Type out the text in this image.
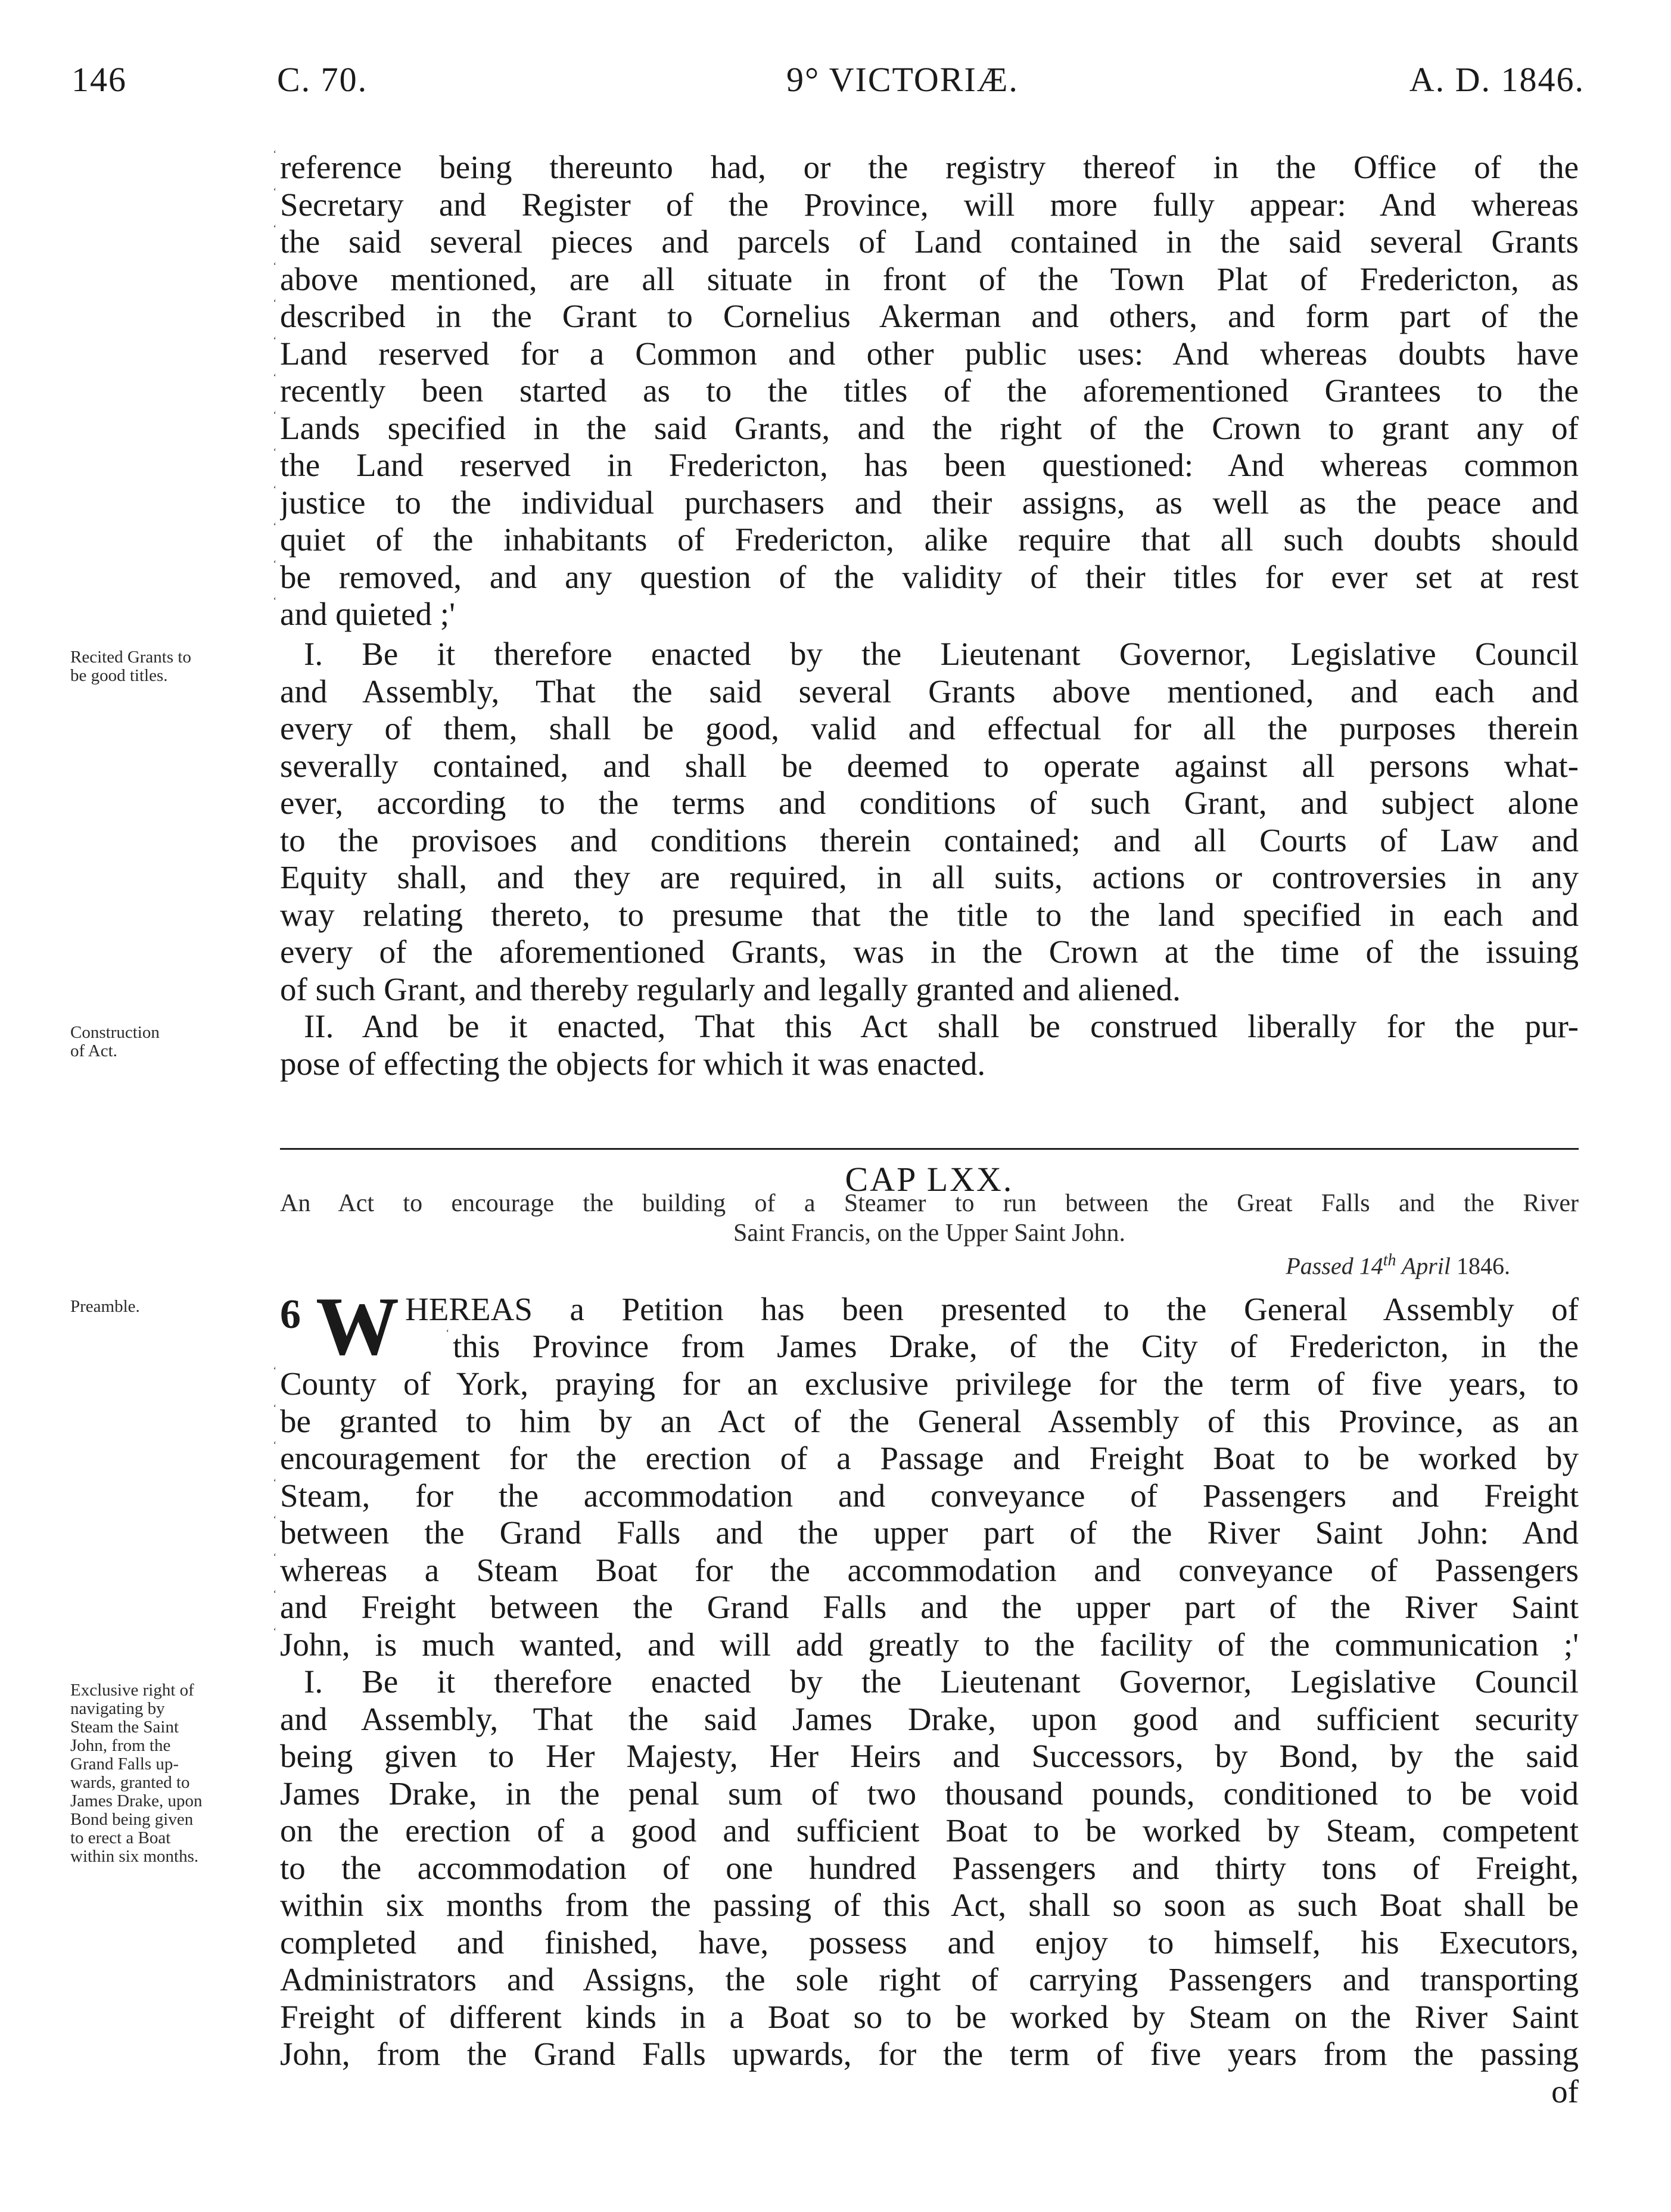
146	C. 70.	9° VICTORIÆ.	A. D. 1846.
‘ reference being thereunto had, or the registry thereof in the Office of the
‘ Secretary and Register of the Province, will more fully appear: And whereas
‘ the said several pieces and parcels of Land contained in the said several Grants
‘ above mentioned, are all situate in front of the Town Plat of Fredericton, as
‘ described in the Grant to Cornelius Akerman and others, and form part of the
‘ Land reserved for a Common and other public uses: And whereas doubts have
‘ recently been started as to the titles of the aforementioned Grantees to the
‘ Lands specified in the said Grants, and the right of the Crown to grant any of
‘ the Land reserved in Fredericton, has been questioned: And whereas common
‘ justice to the individual purchasers and their assigns, as well as the peace and
‘ quiet of the inhabitants of Fredericton, alike require that all such doubts should
‘ be removed, and any question of the validity of their titles for ever set at rest
‘ and quieted ;'
Recited Grants to
be good titles.
I. Be it therefore enacted by the Lieutenant Governor, Legislative Council
and Assembly, That the said several Grants above mentioned, and each and
every of them, shall be good, valid and effectual for all the purposes therein
severally contained, and shall be deemed to operate against all persons what-
ever, according to the terms and conditions of such Grant, and subject alone
to the provisoes and conditions therein contained; and all Courts of Law and
Equity shall, and they are required, in all suits, actions or controversies in any
way relating thereto, to presume that the title to the land specified in each and
every of the aforementioned Grants, was in the Crown at the time of the issuing
of such Grant, and thereby regularly and legally granted and aliened.
Construction
of Act.
II. And be it enacted, That this Act shall be construed liberally for the pur-
pose of effecting the objects for which it was enacted.
CAP LXX.
An Act to encourage the building of a Steamer to run between the Great Falls and the River
Saint Francis, on the Upper Saint John.
Passed 14th April 1846.
Preamble.	6 W HEREAS a Petition has been presented to the General Assembly of
‘ this Province from James Drake, of the City of Fredericton, in the
‘ County of York, praying for an exclusive privilege for the term of five years, to
‘ be granted to him by an Act of the General Assembly of this Province, as an
‘ encouragement for the erection of a Passage and Freight Boat to be worked by
‘ Steam, for the accommodation and conveyance of Passengers and Freight
‘ between the Grand Falls and the upper part of the River Saint John: And
‘ whereas a Steam Boat for the accommodation and conveyance of Passengers
‘ and Freight between the Grand Falls and the upper part of the River Saint
‘ John, is much wanted, and will add greatly to the facility of the communication ;'
Exclusive right of
navigating by
Steam the Saint
John, from the
Grand Falls up-
wards, granted to
James Drake, upon
Bond being given
to erect a Boat
within six months.
I. Be it therefore enacted by the Lieutenant Governor, Legislative Council
and Assembly, That the said James Drake, upon good and sufficient security
being given to Her Majesty, Her Heirs and Successors, by Bond, by the said
James Drake, in the penal sum of two thousand pounds, conditioned to be void
on the erection of a good and sufficient Boat to be worked by Steam, competent
to the accommodation of one hundred Passengers and thirty tons of Freight,
within six months from the passing of this Act, shall so soon as such Boat shall be
completed and finished, have, possess and enjoy to himself, his Executors,
Administrators and Assigns, the sole right of carrying Passengers and transporting
Freight of different kinds in a Boat so to be worked by Steam on the River Saint
John, from the Grand Falls upwards, for the term of five years from the passing
of
